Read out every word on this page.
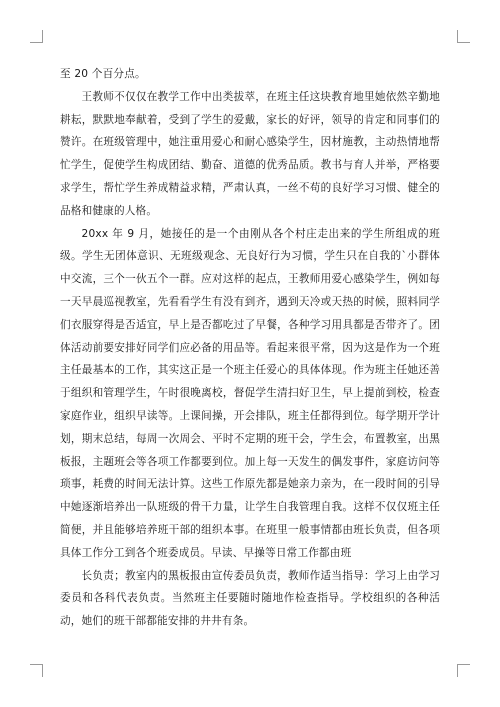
至 20 个百分点。

王教师不仅仅在教学工作中出类拔萃，在班主任这块教育地里她依然辛勤地耕耘，默默地奉献着，受到了学生的爱戴，家长的好评，领导的肯定和同事们的赞许。在班级管理中，她注重用爱心和耐心感染学生，因材施教，主动热情地帮忙学生，促使学生构成团结、勤奋、道德的优秀品质。教书与育人并举，严格要求学生，帮忙学生养成精益求精，严肃认真，一丝不苟的良好学习习惯、健全的品格和健康的人格。

20xx 年 9 月，她接任的是一个由刚从各个村庄走出来的学生所组成的班级。学生无团体意识、无班级观念、无良好行为习惯，学生只在自我的`小群体中交流，三个一伙五个一群。应对这样的起点，王教师用爱心感染学生，例如每一天早晨巡视教室，先看看学生有没有到齐，遇到天冷或天热的时候，照料同学们衣服穿得是否适宜，早上是否都吃过了早餐，各种学习用具都是否带齐了。团体活动前要安排好同学们应必备的用品等。看起来很平常，因为这是作为一个班主任最基本的工作，其实这正是一个班主任爱心的具体体现。作为班主任她还善于组织和管理学生，午时很晚离校，督促学生清扫好卫生，早上提前到校，检查家庭作业，组织早读等。上课间操，开会排队，班主任都得到位。每学期开学计划，期末总结，每周一次周会、平时不定期的班干会，学生会，布置教室，出黑板报，主题班会等各项工作都要到位。加上每一天发生的偶发事件，家庭访问等琐事，耗费的时间无法计算。这些工作原先都是她亲力亲为，在一段时间的引导中她逐渐培养出一队班级的骨干力量，让学生自我管理自我。这样不仅仅班主任简便，并且能够培养班干部的组织本事。在班里一般事情都由班长负责，但各项具体工作分工到各个班委成员。早读、早操等日常工作都由班

长负责；教室内的黑板报由宣传委员负责，教师作适当指导：学习上由学习委员和各科代表负责。当然班主任要随时随地作检查指导。学校组织的各种活动，她们的班干部都能安排的井井有条。
